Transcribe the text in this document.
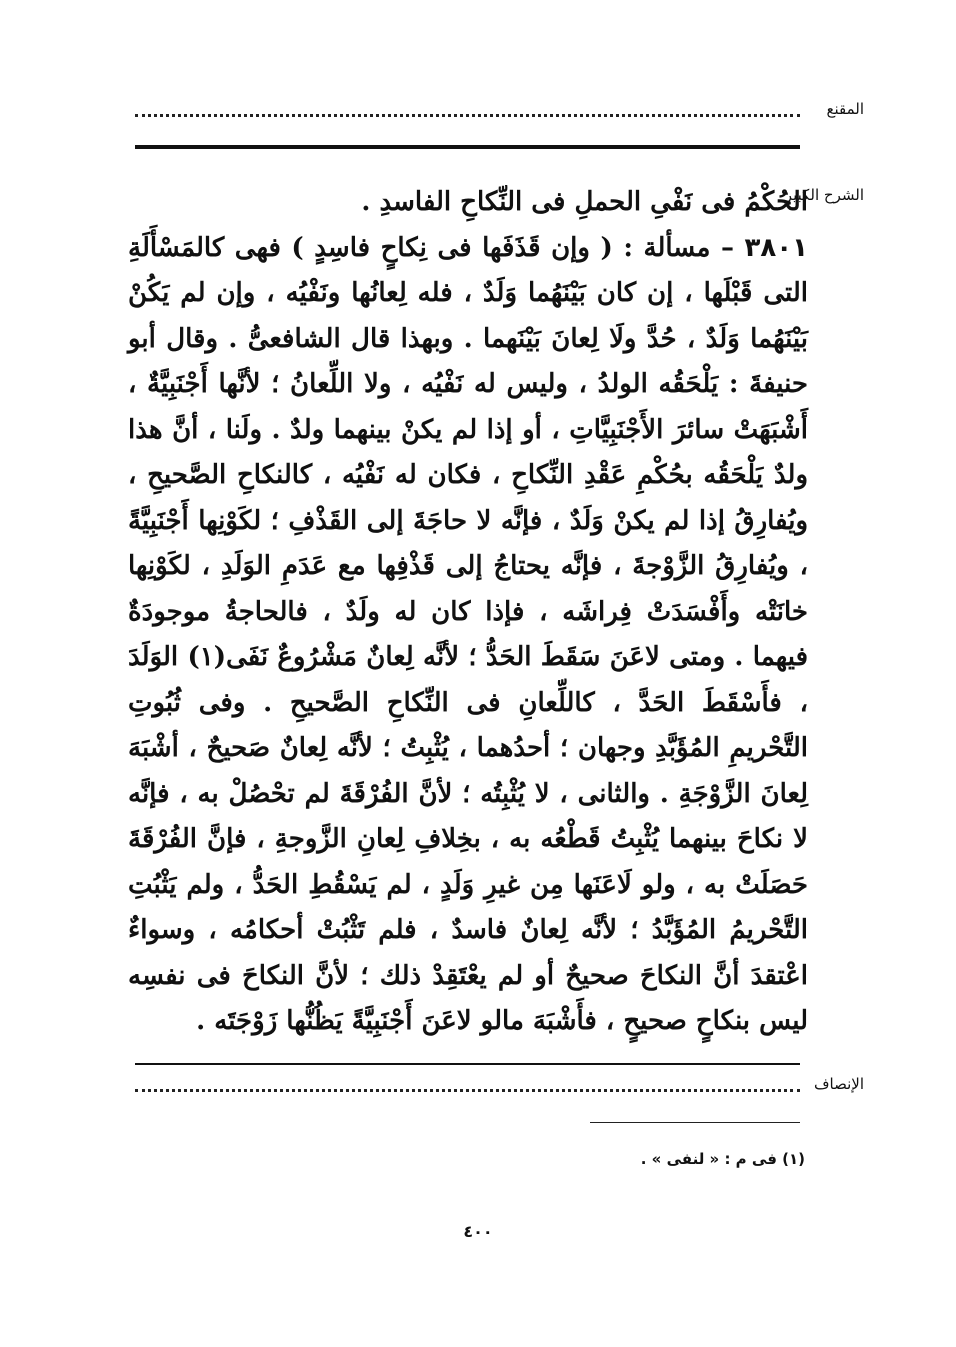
المقنع
الشرح الكبير

الحُكْمُ فى نَفْىِ الحملِ فى النِّكاحِ الفاسدِ .

٣٨٠١ – مسألة : ( وإن قَذَفَها فى نِكاحٍ فاسِدٍ ) فهى كالمَسْأَلَةِ التى قَبْلَها ، إن كان بَيْنَهُما وَلَدٌ ، فله لِعانُها ونَفْيُه ، وإن لم يَكُنْ بَيْنَهُما وَلَدٌ ، حُدَّ ولَا لِعانَ بَيْنَهما . وبهذا قال الشافعىُّ . وقال أبو حنيفةَ : يَلْحَقُه الولدُ ، وليس له نَفْيُه ، ولا اللِّعانُ ؛ لأنَّها أَجْنَبِيَّةٌ ، أَشْبَهَتْ سائرَ الأَجْنَبِيَّاتِ ، أو إذا لم يكنْ بينهما ولدٌ . ولَنا ، أنَّ هذا ولدٌ يَلْحَقُه بحُكْمِ عَقْدِ النِّكاحِ ، فكان له نَفْيُه ، كالنكاحِ الصَّحيحِ ، ويُفارِقُ إذا لم يكنْ وَلَدٌ ، فإنَّه لا حاجَةَ إلى القَذْفِ ؛ لكَوْنِها أَجْنَبِيَّةً ، ويُفارِقُ الزَّوْجةَ ، فإنَّه يحتاجُ إلى قَذْفِها مع عَدَمِ الوَلَدِ ، لكَوْنِها خانَتْه وأَفْسَدَتْ فِراشَه ، فإذا كان له ولَدٌ ، فالحاجةُ موجودَةٌ فيهما . ومتى لاعَنَ سَقَطَ الحَدُّ ؛ لأنَّه لِعانٌ مَشْرُوعٌ نَفَى(١) الوَلَدَ ، فأَسْقَطَ الحَدَّ ، كاللِّعانِ فى النِّكاحِ الصَّحيحِ . وفى ثُبُوتِ التَّحْريمِ المُؤَبَّدِ وجهان ؛ أحدُهما ، يُثْبِتُ ؛ لأنَّه لِعانٌ صَحيحٌ ، أشْبَهَ لِعانَ الزَّوْجَةِ . والثانى ، لا يُثْبِتُه ؛ لأنَّ الفُرْقَةَ لم تحْصُلْ به ، فإنَّه لا نكاحَ بينهما يُثْبِتُ قَطْعُه به ، بخِلافِ لِعانِ الزَّوجةِ ، فإنَّ الفُرْقَةَ حَصَلَتْ به ، ولو لَاعَنَها مِن غيرِ وَلَدٍ ، لم يَسْقُطِ الحَدُّ ، ولم يَثْبُتِ التَّحْريمُ المُؤَبَّدُ ؛ لأنَّه لِعانٌ فاسدٌ ، فلم تَثْبُتْ أحكامُه ، وسواءٌ اعْتقدَ أنَّ النكاحَ صحيحٌ أو لم يعْتَقِدْ ذلك ؛ لأنَّ النكاحَ فى نفسِه ليس بنكاحٍ صحيحٍ ، فأَشْبَهَ مالو لاعَنَ أَجْنَبِيَّةً يَظُنُّها زَوْجَتَه .

الإنصاف
(١) فى م : « لنفى » .
٤٠٠
